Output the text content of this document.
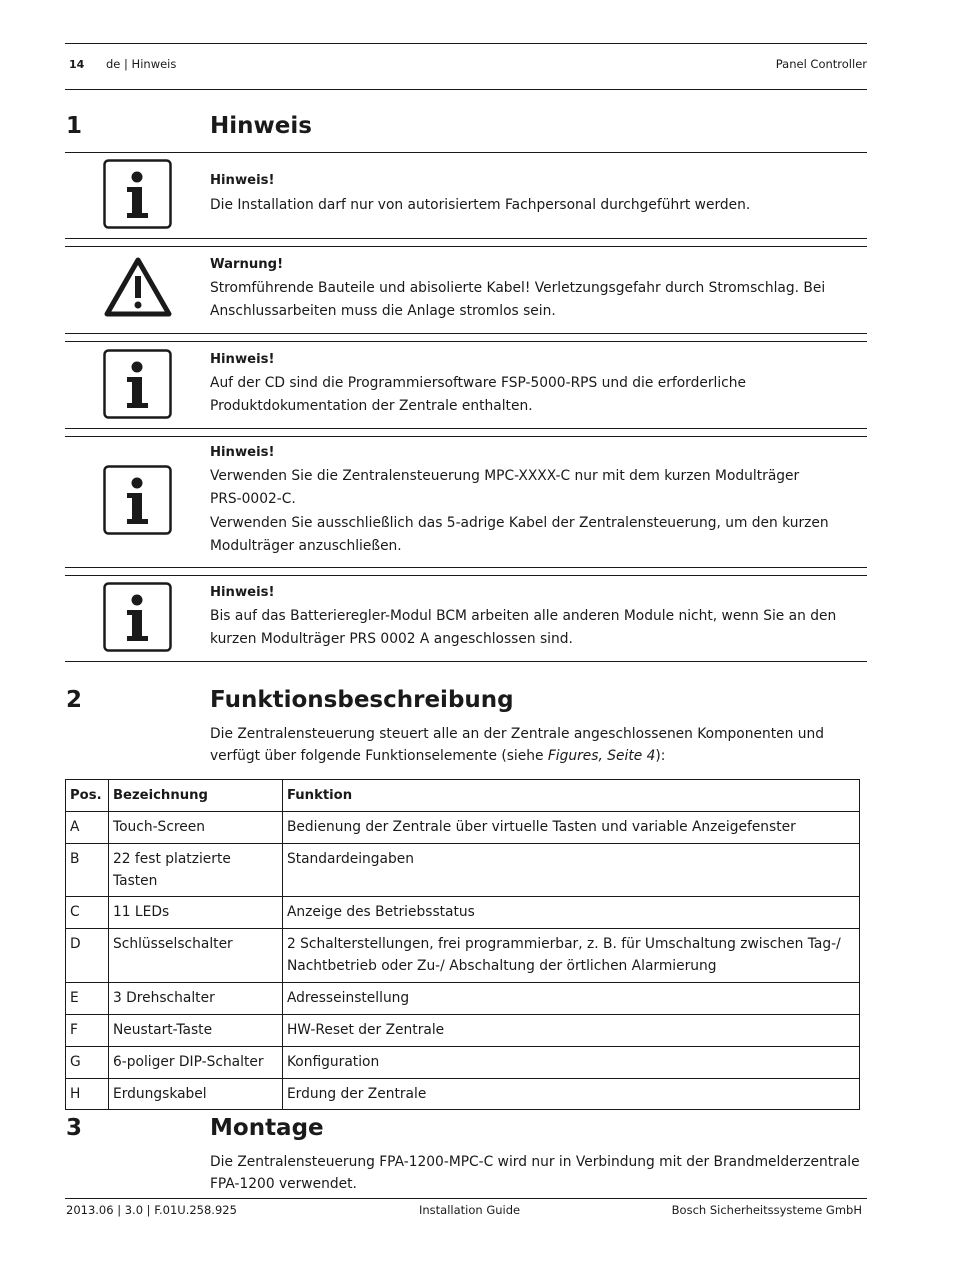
14 de | Hinweis	Panel Controller
1	Hinweis
Hinweis!
Die Installation darf nur von autorisiertem Fachpersonal durchgeführt werden.
Warnung!
Stromführende Bauteile und abisolierte Kabel! Verletzungsgefahr durch Stromschlag. Bei
Anschlussarbeiten muss die Anlage stromlos sein.
Hinweis!
Auf der CD sind die Programmiersoftware FSP-5000-RPS und die erforderliche
Produktdokumentation der Zentrale enthalten.
Hinweis!
Verwenden Sie die Zentralensteuerung MPC-XXXX-C nur mit dem kurzen Modulträger
PRS-0002-C.
Verwenden Sie ausschließlich das 5-adrige Kabel der Zentralensteuerung, um den kurzen
Modulträger anzuschließen.
Hinweis!
Bis auf das Batterieregler-Modul BCM arbeiten alle anderen Module nicht, wenn Sie an den
kurzen Modulträger PRS 0002 A angeschlossen sind.
2	Funktionsbeschreibung
Die Zentralensteuerung steuert alle an der Zentrale angeschlossenen Komponenten und
verfügt über folgende Funktionselemente (siehe Figures, Seite 4):
Pos.	Bezeichnung	Funktion
A	Touch-Screen	Bedienung der Zentrale über virtuelle Tasten und variable Anzeigefenster
B	22 fest platzierte Tasten	Standardeingaben
C	11 LEDs	Anzeige des Betriebsstatus
D	Schlüsselschalter	2 Schalterstellungen, frei programmierbar, z. B. für Umschaltung zwischen Tag-/ Nachtbetrieb oder Zu-/ Abschaltung der örtlichen Alarmierung
E	3 Drehschalter	Adresseinstellung
F	Neustart-Taste	HW-Reset der Zentrale
G	6-poliger DIP-Schalter	Konfiguration
H	Erdungskabel	Erdung der Zentrale
3	Montage
Die Zentralensteuerung FPA-1200-MPC-C wird nur in Verbindung mit der Brandmelderzentrale
FPA-1200 verwendet.
2013.06 | 3.0 | F.01U.258.925	Installation Guide	Bosch Sicherheitssysteme GmbH
